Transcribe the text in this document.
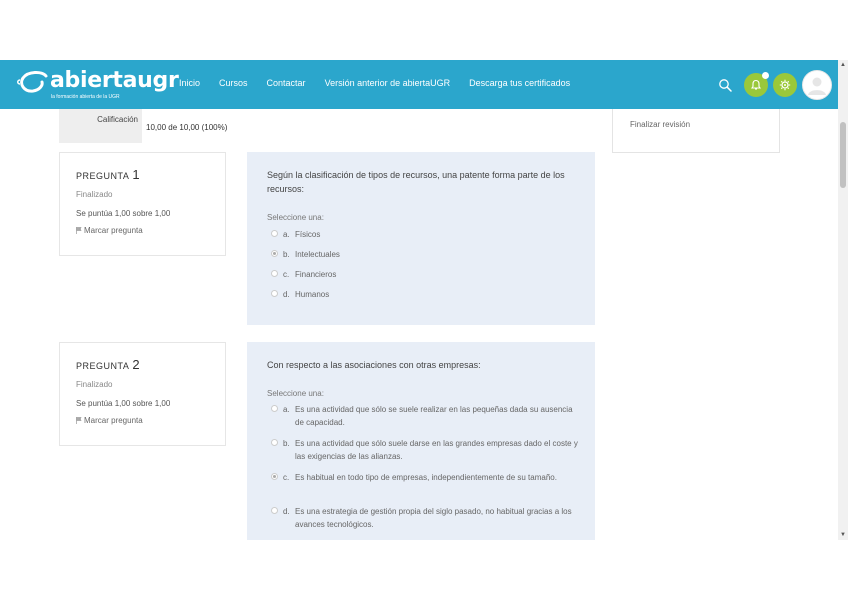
Calificación
10,00 de 10,00 (100%)	Finalizar revisión
PREGUNTA 1
Finalizado
Se puntúa 1,00 sobre 1,00
Marcar pregunta
Según la clasificación de tipos de recursos, una patente forma parte de los recursos:
Seleccione una:
a. Físicos
b. Intelectuales
c. Financieros
d. Humanos
PREGUNTA 2
Finalizado
Se puntúa 1,00 sobre 1,00
Marcar pregunta
Con respecto a las asociaciones con otras empresas:
Seleccione una:
a. Es una actividad que sólo se suele realizar en las pequeñas dada su ausencia de capacidad.
b. Es una actividad que sólo suele darse en las grandes empresas dado el coste y las exigencias de las alianzas.
c. Es habitual en todo tipo de empresas, independientemente de su tamaño.
d. Es una estrategia de gestión propia del siglo pasado, no habitual gracias a los avances tecnológicos.
abiertaugr
la formación abierta de la UGR
Inicio Cursos Contactar Versión anterior de abiertaUGR Descarga tus certificados
▲
▼
